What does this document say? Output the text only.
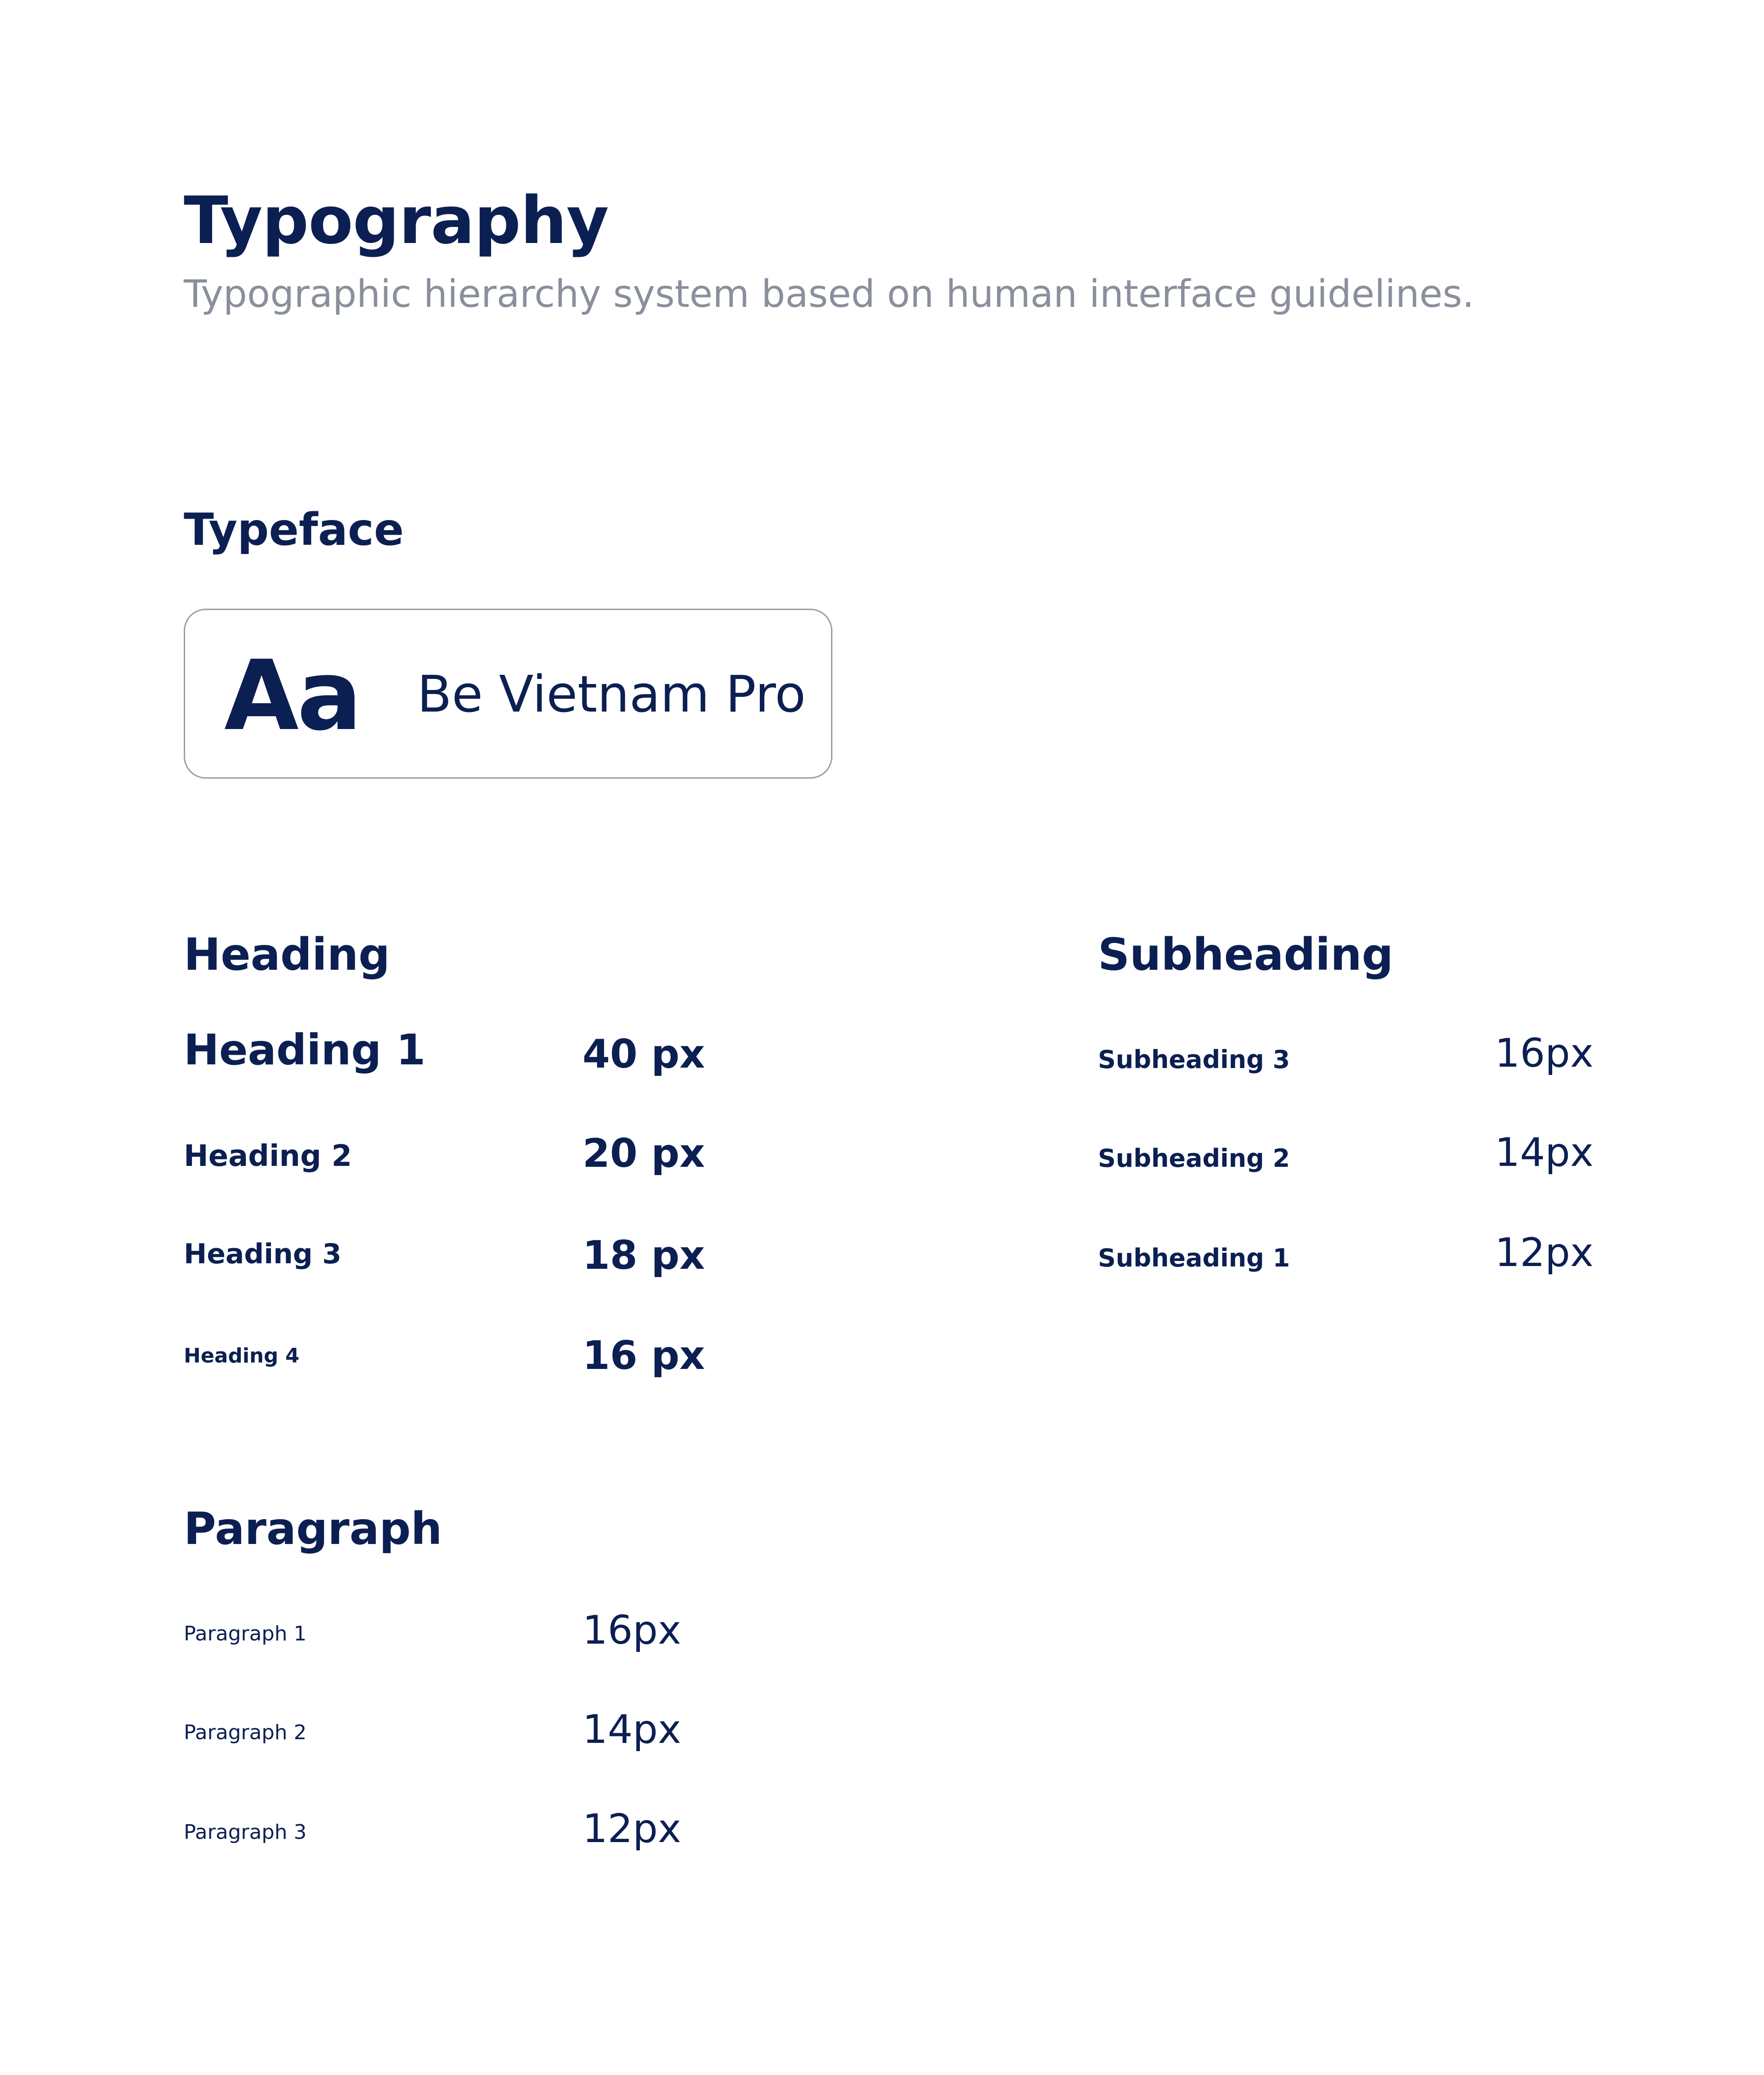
Typography
Typographic hierarchy system based on human interface guidelines.
Typeface
Aa Be Vietnam Pro
Heading
Heading 1	40 px
Heading 2	20 px
Heading 3	18 px
Heading 4	16 px
Subheading
Subheading 3	16px
Subheading 2	14px
Subheading 1	12px
Paragraph
Paragraph 1	16px
Paragraph 2	14px
Paragraph 3	12px
